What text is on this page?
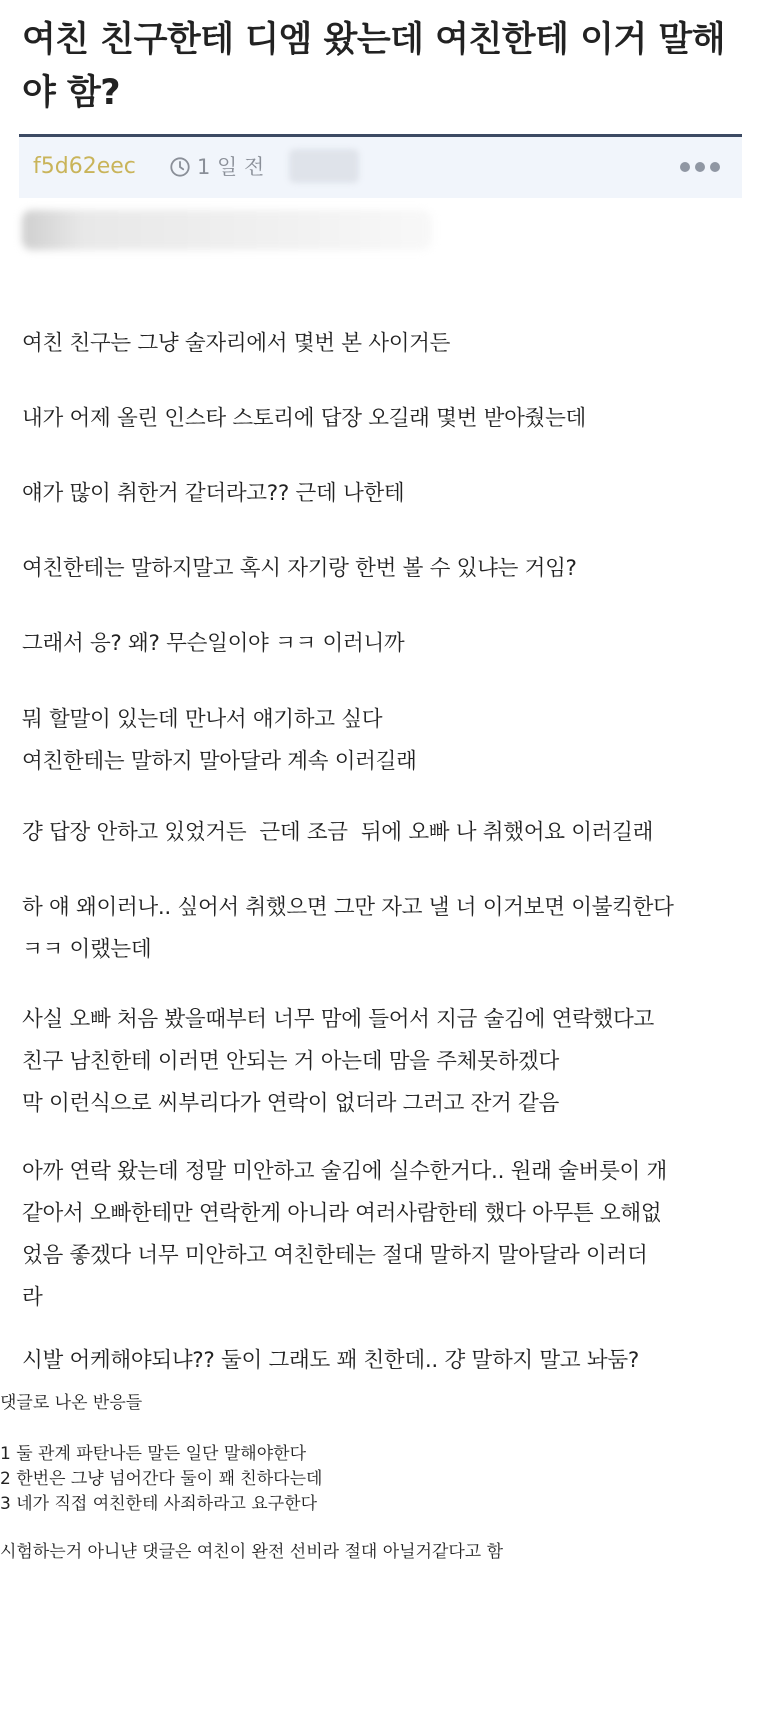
여친 친구한테 디엠 왔는데 여친한테 이거 말해야 함?
f5d62eec	1 일 전
여친 친구는 그냥 술자리에서 몇번 본 사이거든
내가 어제 올린 인스타 스토리에 답장 오길래 몇번 받아줬는데
얘가 많이 취한거 같더라고?? 근데 나한테
여친한테는 말하지말고 혹시 자기랑 한번 볼 수 있냐는 거임?
그래서 응? 왜? 무슨일이야 ㅋㅋ 이러니까
뭐 할말이 있는데 만나서 얘기하고 싶다
여친한테는 말하지 말아달라 계속 이러길래
걍 답장 안하고 있었거든  근데 조금  뒤에 오빠 나 취했어요 이러길래
하 얘 왜이러나.. 싶어서 취했으면 그만 자고 낼 너 이거보면 이불킥한다
ㅋㅋ 이랬는데
사실 오빠 처음 봤을때부터 너무 맘에 들어서 지금 술김에 연락했다고
친구 남친한테 이러면 안되는 거 아는데 맘을 주체못하겠다
막 이런식으로 씨부리다가 연락이 없더라 그러고 잔거 같음
아까 연락 왔는데 정말 미안하고 술김에 실수한거다.. 원래 술버릇이 개
같아서 오빠한테만 연락한게 아니라 여러사람한테 했다 아무튼 오해없
었음 좋겠다 너무 미안하고 여친한테는 절대 말하지 말아달라 이러더
라
시발 어케해야되냐?? 둘이 그래도 꽤 친한데.. 걍 말하지 말고 놔둠?
댓글로 나온 반응들
1 둘 관계 파탄나든 말든 일단 말해야한다
2 한번은 그냥 넘어간다 둘이 꽤 친하다는데
3 네가 직접 여친한테 사죄하라고 요구한다
시험하는거 아니냔 댓글은 여친이 완전 선비라 절대 아닐거같다고 함
